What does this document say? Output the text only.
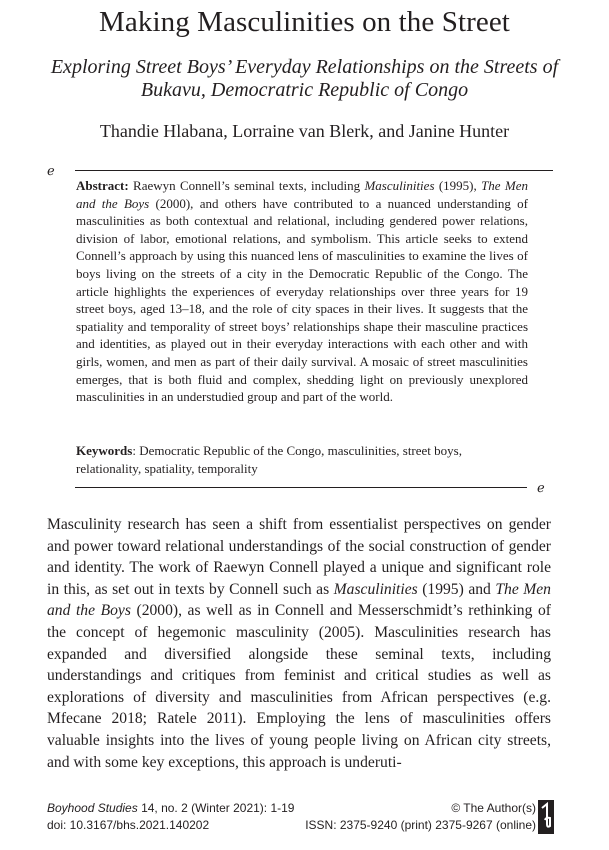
Making Masculinities on the Street
Exploring Street Boys’ Everyday Relationships on the Streets of Bukavu, Democratric Republic of Congo
Thandie Hlabana, Lorraine van Blerk, and Janine Hunter
ℯ

Abstract: Raewyn Connell’s seminal texts, including Masculinities (1995), The Men and the Boys (2000), and others have contributed to a nuanced understanding of masculinities as both contextual and relational, including gendered power relations, division of labor, emotional relations, and symbolism. This article seeks to extend Connell’s approach by using this nuanced lens of masculinities to examine the lives of boys living on the streets of a city in the Democratic Republic of the Congo. The article highlights the experiences of everyday relationships over three years for 19 street boys, aged 13–18, and the role of city spaces in their lives. It suggests that the spatiality and temporality of street boys’ relationships shape their masculine practices and identities, as played out in their everyday interactions with each other and with girls, women, and men as part of their daily survival. A mosaic of street masculinities emerges, that is both fluid and complex, shedding light on previously unexplored masculinities in an understudied group and part of the world.

Keywords: Democratic Republic of the Congo, masculinities, street boys, relationality, spatiality, temporality

ℯ

Masculinity research has seen a shift from essentialist perspectives on gender and power toward relational understandings of the social construction of gender and identity. The work of Raewyn Connell played a unique and significant role in this, as set out in texts by Connell such as Masculinities (1995) and The Men and the Boys (2000), as well as in Connell and Messerschmidt’s rethinking of the concept of hegemonic masculinity (2005). Masculinities research has expanded and diversified alongside these seminal texts, including understandings and critiques from feminist and critical studies as well as explorations of diversity and masculinities from African perspectives (e.g. Mfecane 2018; Ratele 2011). Employing the lens of masculinities offers valuable insights into the lives of young people living on African city streets, and with some key exceptions, this approach is underuti-

Boyhood Studies 14, no. 2 (Winter 2021): 1-19
doi: 10.3167/bhs.2021.140202
© The Author(s)
ISSN: 2375-9240 (print) 2375-9267 (online)
